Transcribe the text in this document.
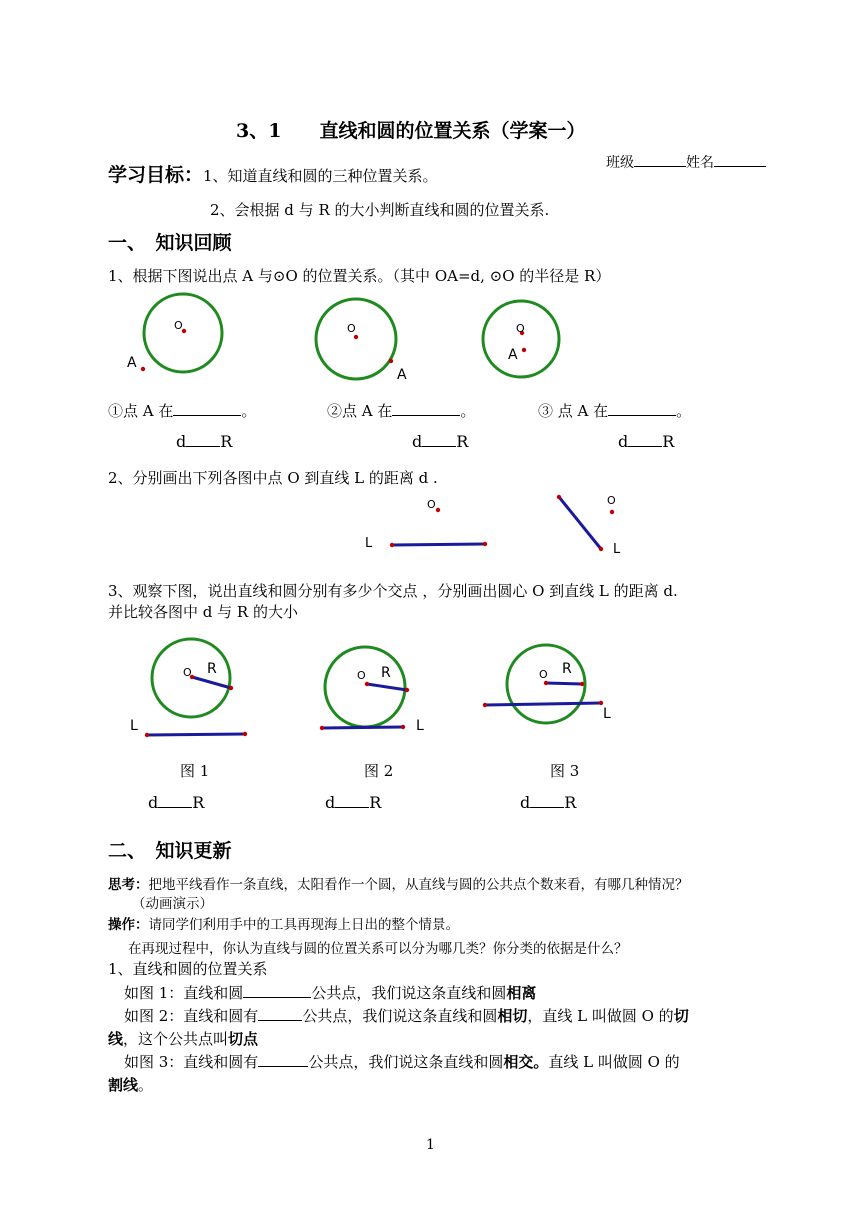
3、1　　直线和圆的位置关系（学案一）
班级	姓名
学习目标：1、知道直线和圆的三种位置关系。
2、会根据 d 与 R 的大小判断直线和圆的位置关系.
一、　知识回顾
1、根据下图说出点 A 与⊙O 的位置关系。（其中 OA=d, ⊙O 的半径是 R）
O
A
O
A
O
A
①点 A 在	。	②点 A 在	。	③ 点 A 在	。
d R	d R	d R
2、分别画出下列各图中点 O 到直线 L 的距离 d .
O
L
O
L
3、观察下图，说出直线和圆分别有多少个交点 ，分别画出圆心 O 到直线 L 的距离 d.
并比较各图中 d 与 R 的大小
O R
L
O R
L
O R
L
图 1	图 2	图 3
d R	d R	d R
二、　知识更新
思考：把地平线看作一条直线，太阳看作一个圆，从直线与圆的公共点个数来看，有哪几种情况？
（动画演示）
操作：请同学们利用手中的工具再现海上日出的整个情景。
在再现过程中，你认为直线与圆的位置关系可以分为哪几类？你分类的依据是什么？
1、直线和圆的位置关系
如图 1：直线和圆	公共点，我们说这条直线和圆相离
如图 2：直线和圆有	公共点，我们说这条直线和圆相切，直线 L 叫做圆 O 的切
线，这个公共点叫切点
如图 3：直线和圆有	公共点，我们说这条直线和圆相交。直线 L 叫做圆 O 的
割线。
1
